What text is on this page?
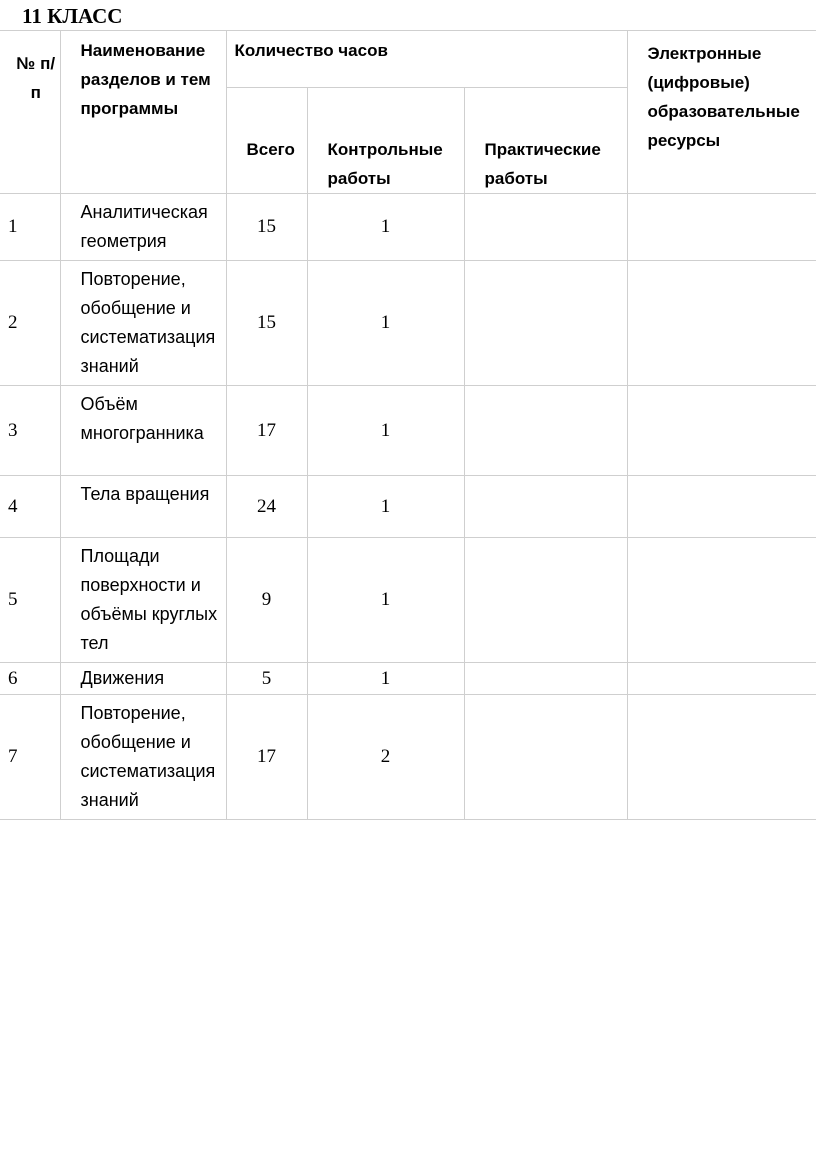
11 КЛАСС
№ п/п	Наименование разделов и тем программы	Количество часов			Электронные (цифровые) образовательные ресурсы
		Всего	Контрольные работы	Практические работы	
1	Аналитическая геометрия	15	1		
2	Повторение, обобщение и систематизация знаний	15	1		
3	Объём многогранника	17	1		
4	Тела вращения	24	1		
5	Площади поверхности и объёмы круглых тел	9	1		
6	Движения	5	1		
7	Повторение, обобщение и систематизация знаний	17	2		
